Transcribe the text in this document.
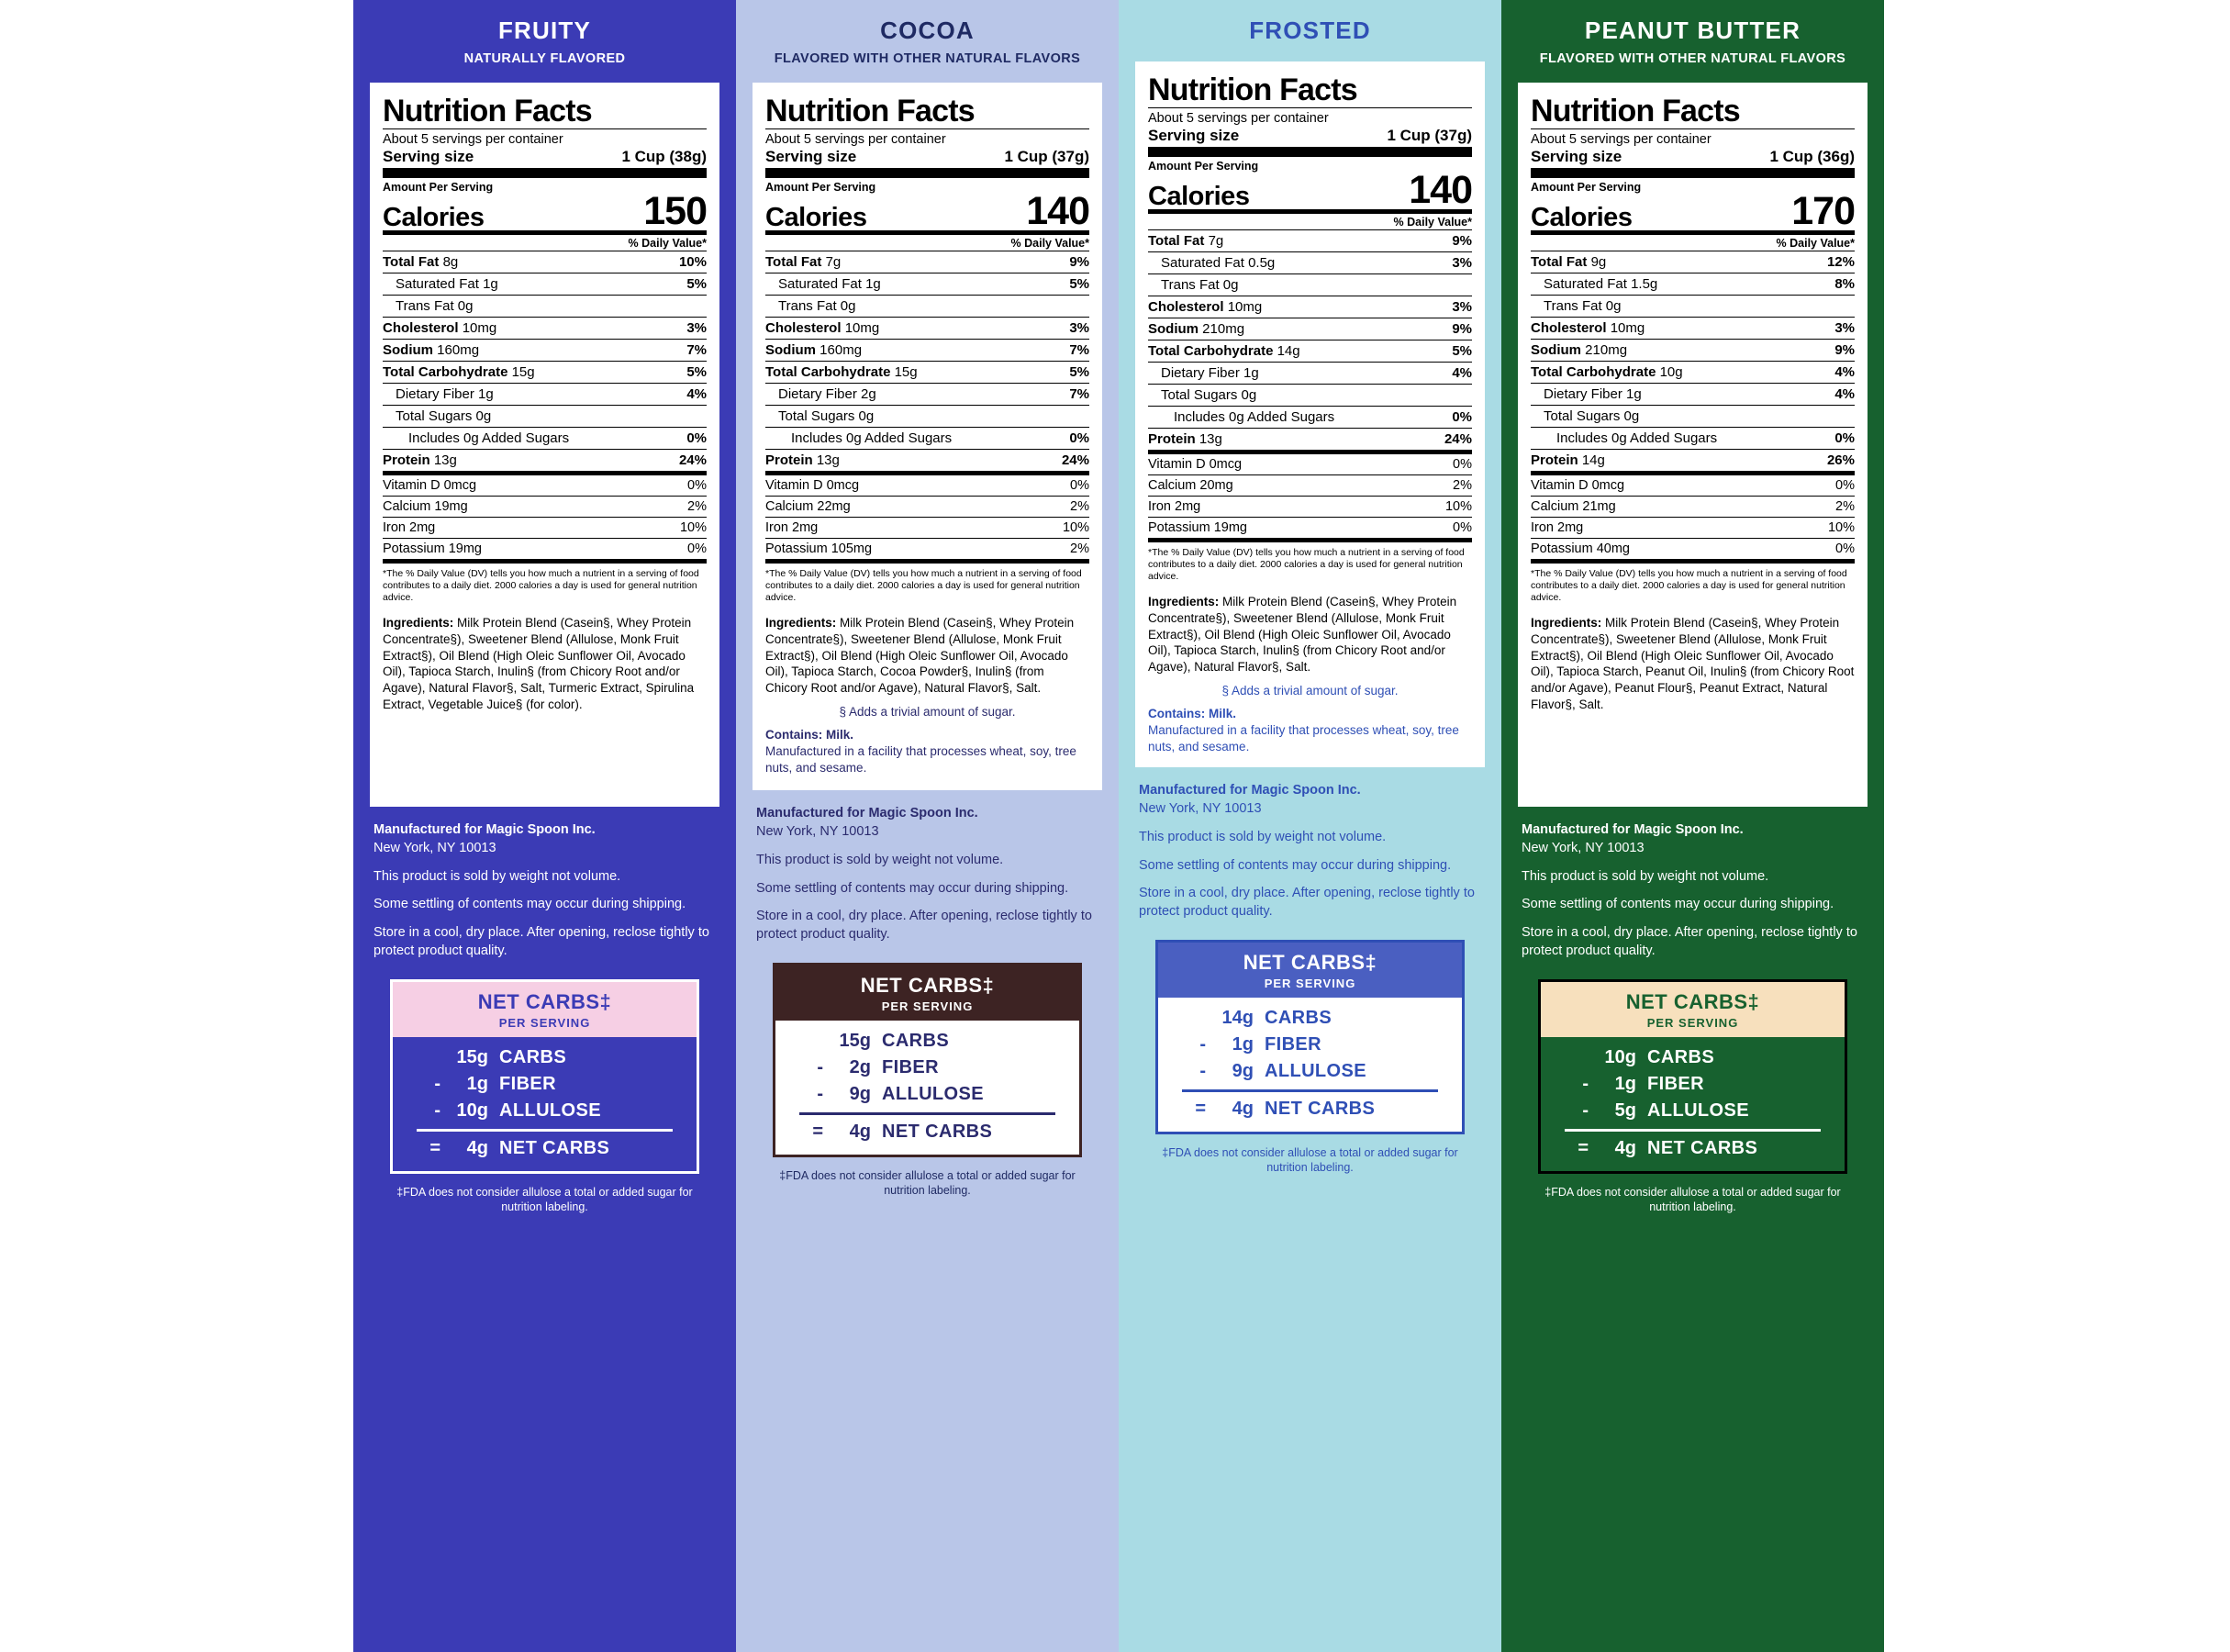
FRUITY
NATURALLY FLAVORED
Nutrition Facts
About 5 servings per container
Serving size	1 Cup (38g)
Amount Per Serving
Calories	150
% Daily Value*
Total Fat 8g	10%
Saturated Fat 1g	5%
Trans Fat 0g
Cholesterol 10mg	3%
Sodium 160mg	7%
Total Carbohydrate 15g	5%
Dietary Fiber 1g	4%
Total Sugars 0g
Includes 0g Added Sugars	0%
Protein 13g	24%
Vitamin D 0mcg	0%
Calcium 19mg	2%
Iron 2mg	10%
Potassium 19mg	0%
*The % Daily Value (DV) tells you how much a nutrient in a serving of food contributes to a daily diet. 2000 calories a day is used for general nutrition advice.
Ingredients: Milk Protein Blend (Casein§, Whey Protein Concentrate§), Sweetener Blend (Allulose, Monk Fruit Extract§), Oil Blend (High Oleic Sunflower Oil, Avocado Oil), Tapioca Starch, Inulin§ (from Chicory Root and/or Agave), Natural Flavor§, Salt, Turmeric Extract, Spirulina Extract, Vegetable Juice§ (for color).
§ Adds a trivial amount of sugar.
Contains: Milk.
Manufactured in a facility that processes wheat, soy, tree nuts, and sesame.

Manufactured for Magic Spoon Inc.
New York, NY 10013

This product is sold by weight not volume.

Some settling of contents may occur during shipping.

Store in a cool, dry place. After opening, reclose tightly to protect product quality.

NET CARBS‡
PER SERVING
15g CARBS
-	1g FIBER
- 10g ALLULOSE
=	4g NET CARBS
‡FDA does not consider allulose a total or added sugar for nutrition labeling.
COCOA
FLAVORED WITH OTHER NATURAL FLAVORS
Nutrition Facts
About 5 servings per container
Serving size	1 Cup (37g)
Amount Per Serving
Calories	140
% Daily Value*
Total Fat 7g	9%
Saturated Fat 1g	5%
Trans Fat 0g
Cholesterol 10mg	3%
Sodium 160mg	7%
Total Carbohydrate 15g	5%
Dietary Fiber 2g	7%
Total Sugars 0g
Includes 0g Added Sugars	0%
Protein 13g	24%
Vitamin D 0mcg	0%
Calcium 22mg	2%
Iron 2mg	10%
Potassium 105mg	2%
*The % Daily Value (DV) tells you how much a nutrient in a serving of food contributes to a daily diet. 2000 calories a day is used for general nutrition advice.
Ingredients: Milk Protein Blend (Casein§, Whey Protein Concentrate§), Sweetener Blend (Allulose, Monk Fruit Extract§), Oil Blend (High Oleic Sunflower Oil, Avocado Oil), Tapioca Starch, Cocoa Powder§, Inulin§ (from Chicory Root and/or Agave), Natural Flavor§, Salt.
§ Adds a trivial amount of sugar.
Contains: Milk.
Manufactured in a facility that processes wheat, soy, tree nuts, and sesame.

Manufactured for Magic Spoon Inc.
New York, NY 10013

This product is sold by weight not volume.

Some settling of contents may occur during shipping.

Store in a cool, dry place. After opening, reclose tightly to protect product quality.

NET CARBS‡
PER SERVING
15g CARBS
-	2g FIBER
-	9g ALLULOSE
=	4g NET CARBS
‡FDA does not consider allulose a total or added sugar for nutrition labeling.
FROSTED
Nutrition Facts
About 5 servings per container
Serving size	1 Cup (37g)
Amount Per Serving
Calories	140
% Daily Value*
Total Fat 7g	9%
Saturated Fat 0.5g	3%
Trans Fat 0g
Cholesterol 10mg	3%
Sodium 210mg	9%
Total Carbohydrate 14g	5%
Dietary Fiber 1g	4%
Total Sugars 0g
Includes 0g Added Sugars	0%
Protein 13g	24%
Vitamin D 0mcg	0%
Calcium 20mg	2%
Iron 2mg	10%
Potassium 19mg	0%
*The % Daily Value (DV) tells you how much a nutrient in a serving of food contributes to a daily diet. 2000 calories a day is used for general nutrition advice.
Ingredients: Milk Protein Blend (Casein§, Whey Protein Concentrate§), Sweetener Blend (Allulose, Monk Fruit Extract§), Oil Blend (High Oleic Sunflower Oil, Avocado Oil), Tapioca Starch, Inulin§ (from Chicory Root and/or Agave), Natural Flavor§, Salt.
§ Adds a trivial amount of sugar.
Contains: Milk.
Manufactured in a facility that processes wheat, soy, tree nuts, and sesame.

Manufactured for Magic Spoon Inc.
New York, NY 10013

This product is sold by weight not volume.

Some settling of contents may occur during shipping.

Store in a cool, dry place. After opening, reclose tightly to protect product quality.

NET CARBS‡
PER SERVING
14g CARBS
-	1g FIBER
-	9g ALLULOSE
=	4g NET CARBS
‡FDA does not consider allulose a total or added sugar for nutrition labeling.
PEANUT BUTTER
FLAVORED WITH OTHER NATURAL FLAVORS
Nutrition Facts
About 5 servings per container
Serving size	1 Cup (36g)
Amount Per Serving
Calories	170
% Daily Value*
Total Fat 9g	12%
Saturated Fat 1.5g	8%
Trans Fat 0g
Cholesterol 10mg	3%
Sodium 210mg	9%
Total Carbohydrate 10g	4%
Dietary Fiber 1g	4%
Total Sugars 0g
Includes 0g Added Sugars	0%
Protein 14g	26%
Vitamin D 0mcg	0%
Calcium 21mg	2%
Iron 2mg	10%
Potassium 40mg	0%
*The % Daily Value (DV) tells you how much a nutrient in a serving of food contributes to a daily diet. 2000 calories a day is used for general nutrition advice.
Ingredients: Milk Protein Blend (Casein§, Whey Protein Concentrate§), Sweetener Blend (Allulose, Monk Fruit Extract§), Oil Blend (High Oleic Sunflower Oil, Avocado Oil), Tapioca Starch, Peanut Oil, Inulin§ (from Chicory Root and/or Agave), Peanut Flour§, Peanut Extract, Natural Flavor§, Salt.
§ Adds a trivial amount of sugar.
Contains: Milk, Peanuts.
Manufactured in a facility that processes wheat, soy, tree nuts, and sesame.

Manufactured for Magic Spoon Inc.
New York, NY 10013

This product is sold by weight not volume.

Some settling of contents may occur during shipping.

Store in a cool, dry place. After opening, reclose tightly to protect product quality.

NET CARBS‡
PER SERVING
10g CARBS
-	1g FIBER
-	5g ALLULOSE
=	4g NET CARBS
‡FDA does not consider allulose a total or added sugar for nutrition labeling.
